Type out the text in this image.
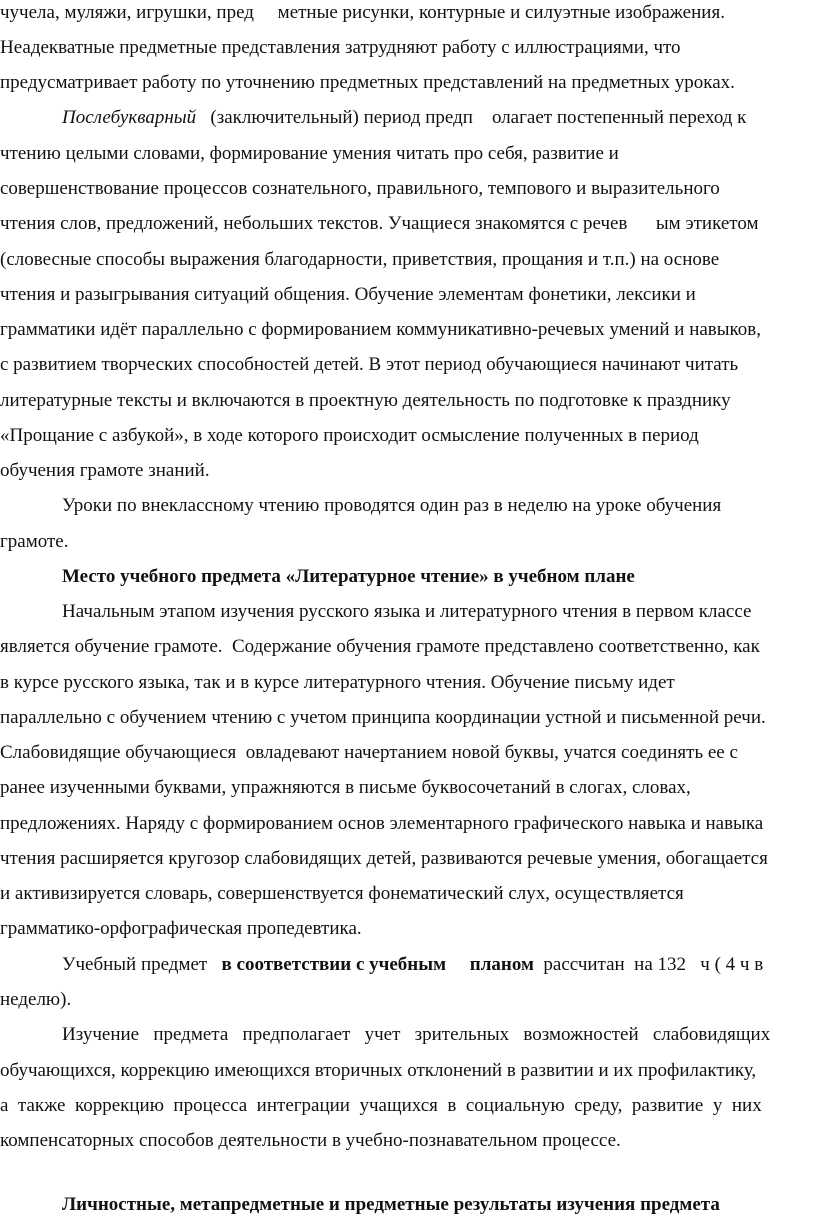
чучела, муляжи, игрушки, пред     метные рисунки, контурные и силуэтные изображения.
Неадекватные предметные представления затрудняют работу с иллюстрациями, что
предусматривает работу по уточнению предметных представлений на предметных уроках.
Послебукварный   (заключительный) период предп    олагает постепенный переход к
чтению целыми словами, формирование умения читать про себя, развитие и
совершенствование процессов сознательного, правильного, темпового и выразительного
чтения слов, предложений, небольших текстов. Учащиеся знакомятся с речев      ым этикетом
(словесные способы выражения благодарности, приветствия, прощания и т.п.) на основе
чтения и разыгрывания ситуаций общения. Обучение элементам фонетики, лексики и
грамматики идёт параллельно с формированием коммуникативно-речевых умений и навыков,
с развитием творческих способностей детей. В этот период обучающиеся начинают читать
литературные тексты и включаются в проектную деятельность по подготовке к празднику
«Прощание с азбукой», в ходе которого происходит осмысление полученных в период
обучения грамоте знаний.
Уроки по внеклассному чтению проводятся один раз в неделю на уроке обучения
грамоте.
Место учебного предмета «Литературное чтение» в учебном плане
Начальным этапом изучения русского языка и литературного чтения в первом классе
является обучение грамоте.  Содержание обучения грамоте представлено соответственно, как
в курсе русского языка, так и в курсе литературного чтения. Обучение письму идет
параллельно с обучением чтению с учетом принципа координации устной и письменной речи.
Слабовидящие обучающиеся  овладевают начертанием новой буквы, учатся соединять ее с
ранее изученными буквами, упражняются в письме буквосочетаний в слогах, словах,
предложениях. Наряду с формированием основ элементарного графического навыка и навыка
чтения расширяется кругозор слабовидящих детей, развиваются речевые умения, обогащается
и активизируется словарь, совершенствуется фонематический слух, осуществляется
грамматико-орфографическая пропедевтика.
Учебный предмет   в соответствии с учебным     планом  рассчитан  на 132   ч ( 4 ч в
неделю).
Изучение   предмета   предполагает   учет   зрительных   возможностей   слабовидящих
обучающихся, коррекцию имеющихся вторичных отклонений в развитии и их профилактику,
а  также  коррекцию  процесса  интеграции  учащихся  в  социальную  среду,  развитие  у  них
компенсаторных способов деятельности в учебно-познавательном процессе.
Личностные, метапредметные и предметные результаты изучения предмета
